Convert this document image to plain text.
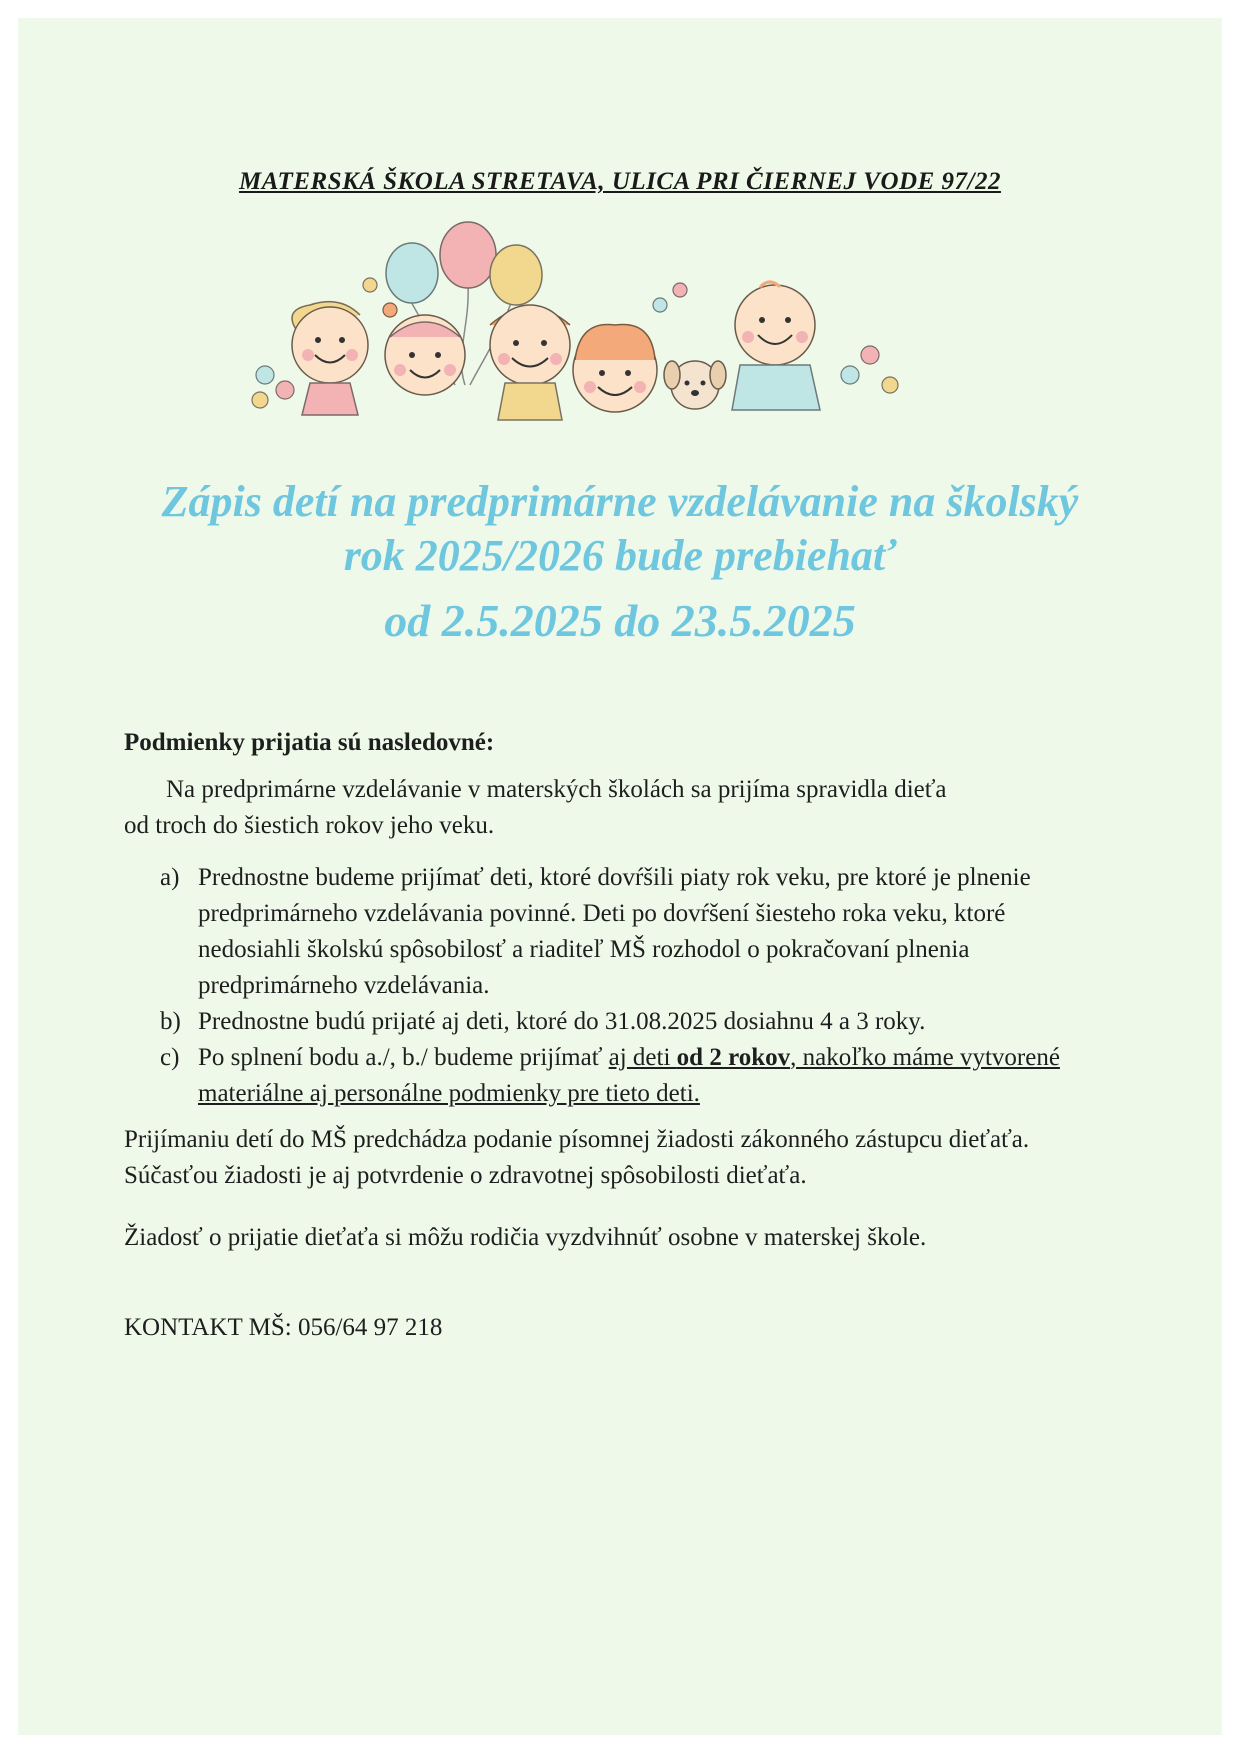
MATERSKÁ ŠKOLA STRETAVA, ULICA PRI ČIERNEJ VODE 97/22
Zápis detí na predprimárne vzdelávanie na školský
rok 2025/2026 bude prebiehať
od 2.5.2025 do 23.5.2025
Podmienky prijatia sú nasledovné:
Na predprimárne vzdelávanie v materských školách sa prijíma spravidla dieťa
od troch do šiestich rokov jeho veku.
a) Prednostne budeme prijímať deti, ktoré dovŕšili piaty rok veku, pre ktoré je plnenie predprimárneho vzdelávania povinné. Deti po dovŕšení šiesteho roka veku, ktoré nedosiahli školskú spôsobilosť a riaditeľ MŠ rozhodol o pokračovaní plnenia predprimárneho vzdelávania.
b) Prednostne budú prijaté aj deti, ktoré do 31.08.2025 dosiahnu 4 a 3 roky.
c) Po splnení bodu a./, b./ budeme prijímať aj deti od 2 rokov, nakoľko máme vytvorené materiálne aj personálne podmienky pre tieto deti.
Prijímaniu detí do MŠ predchádza podanie písomnej žiadosti zákonného zástupcu dieťaťa. Súčasťou žiadosti je aj potvrdenie o zdravotnej spôsobilosti dieťaťa.
Žiadosť o prijatie dieťaťa si môžu rodičia vyzdvihnúť osobne v materskej škole.
KONTAKT MŠ: 056/64 97 218
